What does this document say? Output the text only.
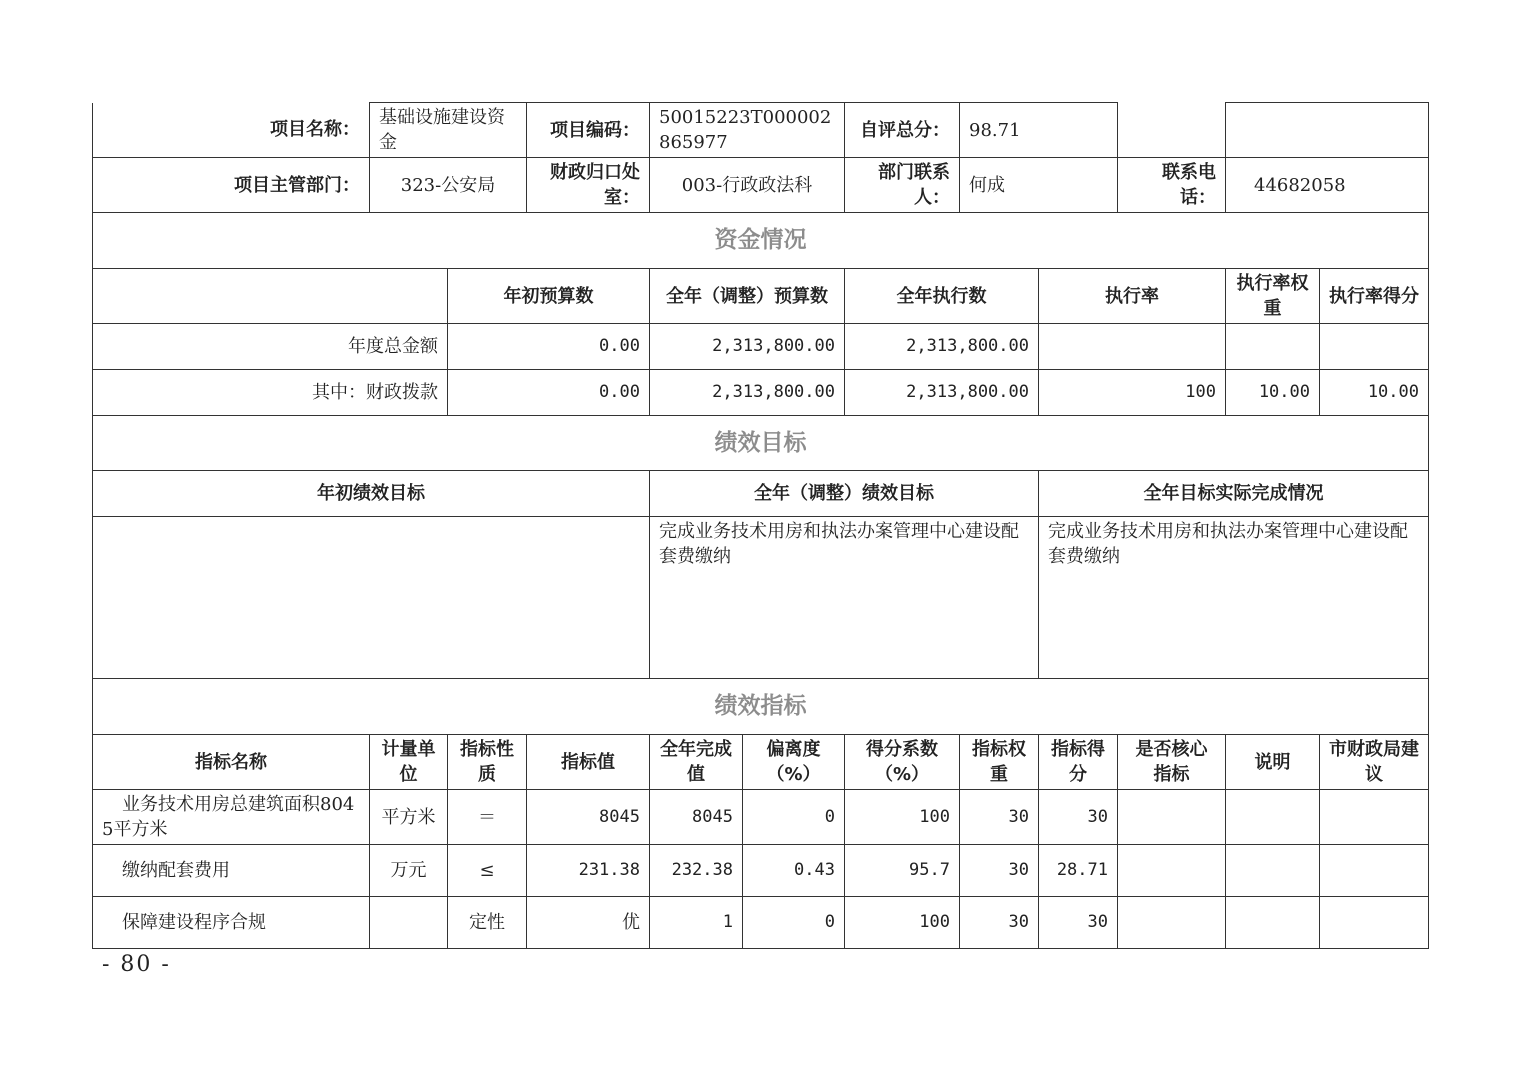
项目名称：	基础设施建设资金		项目编码：	50015223T000002865977		自评总分：	98.71				
项目主管部门：	323-公安局		财政归口处室：	003-行政政法科		部门联系人：	何成		联系电话：	44682058	
资金情况											
		年初预算数		全年（调整）预算数		全年执行数		执行率		执行率权重	执行率得分
年度总金额		0.00		2,313,800.00		2,313,800.00					
其中：财政拨款		0.00		2,313,800.00		2,313,800.00		100		10.00	10.00
绩效目标											
年初绩效目标				全年（调整）绩效目标				全年目标实际完成情况			
				完成业务技术用房和执法办案管理中心建设配套费缴纳				完成业务技术用房和执法办案管理中心建设配套费缴纳			
绩效指标											
指标名称	计量单位	指标性质	指标值	全年完成值	偏离度（%）	得分系数（%）	指标权重	指标得分	是否核心指标	说明	市财政局建议
业务技术用房总建筑面积8045平方米	平方米	＝	8045	8045	0	100	30	30			
缴纳配套费用	万元	≤	231.38	232.38	0.43	95.7	30	28.71			
保障建设程序合规		定性	优	1	0	100	30	30			
- 80 -
